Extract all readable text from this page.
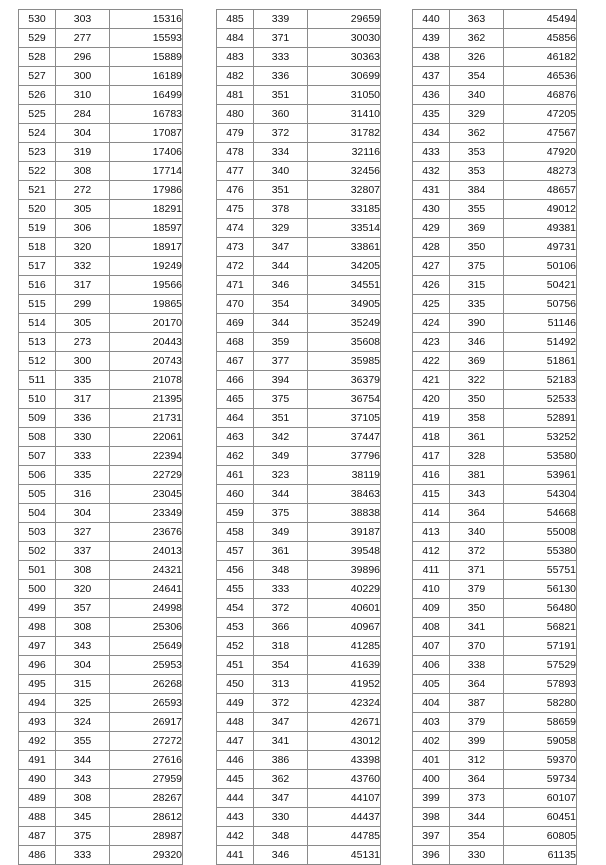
530	303	15316
529	277	15593
528	296	15889
527	300	16189
526	310	16499
525	284	16783
524	304	17087
523	319	17406
522	308	17714
521	272	17986
520	305	18291
519	306	18597
518	320	18917
517	332	19249
516	317	19566
515	299	19865
514	305	20170
513	273	20443
512	300	20743
511	335	21078
510	317	21395
509	336	21731
508	330	22061
507	333	22394
506	335	22729
505	316	23045
504	304	23349
503	327	23676
502	337	24013
501	308	24321
500	320	24641
499	357	24998
498	308	25306
497	343	25649
496	304	25953
495	315	26268
494	325	26593
493	324	26917
492	355	27272
491	344	27616
490	343	27959
489	308	28267
488	345	28612
487	375	28987
486	333	29320
485	339	29659
484	371	30030
483	333	30363
482	336	30699
481	351	31050
480	360	31410
479	372	31782
478	334	32116
477	340	32456
476	351	32807
475	378	33185
474	329	33514
473	347	33861
472	344	34205
471	346	34551
470	354	34905
469	344	35249
468	359	35608
467	377	35985
466	394	36379
465	375	36754
464	351	37105
463	342	37447
462	349	37796
461	323	38119
460	344	38463
459	375	38838
458	349	39187
457	361	39548
456	348	39896
455	333	40229
454	372	40601
453	366	40967
452	318	41285
451	354	41639
450	313	41952
449	372	42324
448	347	42671
447	341	43012
446	386	43398
445	362	43760
444	347	44107
443	330	44437
442	348	44785
441	346	45131
440	363	45494
439	362	45856
438	326	46182
437	354	46536
436	340	46876
435	329	47205
434	362	47567
433	353	47920
432	353	48273
431	384	48657
430	355	49012
429	369	49381
428	350	49731
427	375	50106
426	315	50421
425	335	50756
424	390	51146
423	346	51492
422	369	51861
421	322	52183
420	350	52533
419	358	52891
418	361	53252
417	328	53580
416	381	53961
415	343	54304
414	364	54668
413	340	55008
412	372	55380
411	371	55751
410	379	56130
409	350	56480
408	341	56821
407	370	57191
406	338	57529
405	364	57893
404	387	58280
403	379	58659
402	399	59058
401	312	59370
400	364	59734
399	373	60107
398	344	60451
397	354	60805
396	330	61135
